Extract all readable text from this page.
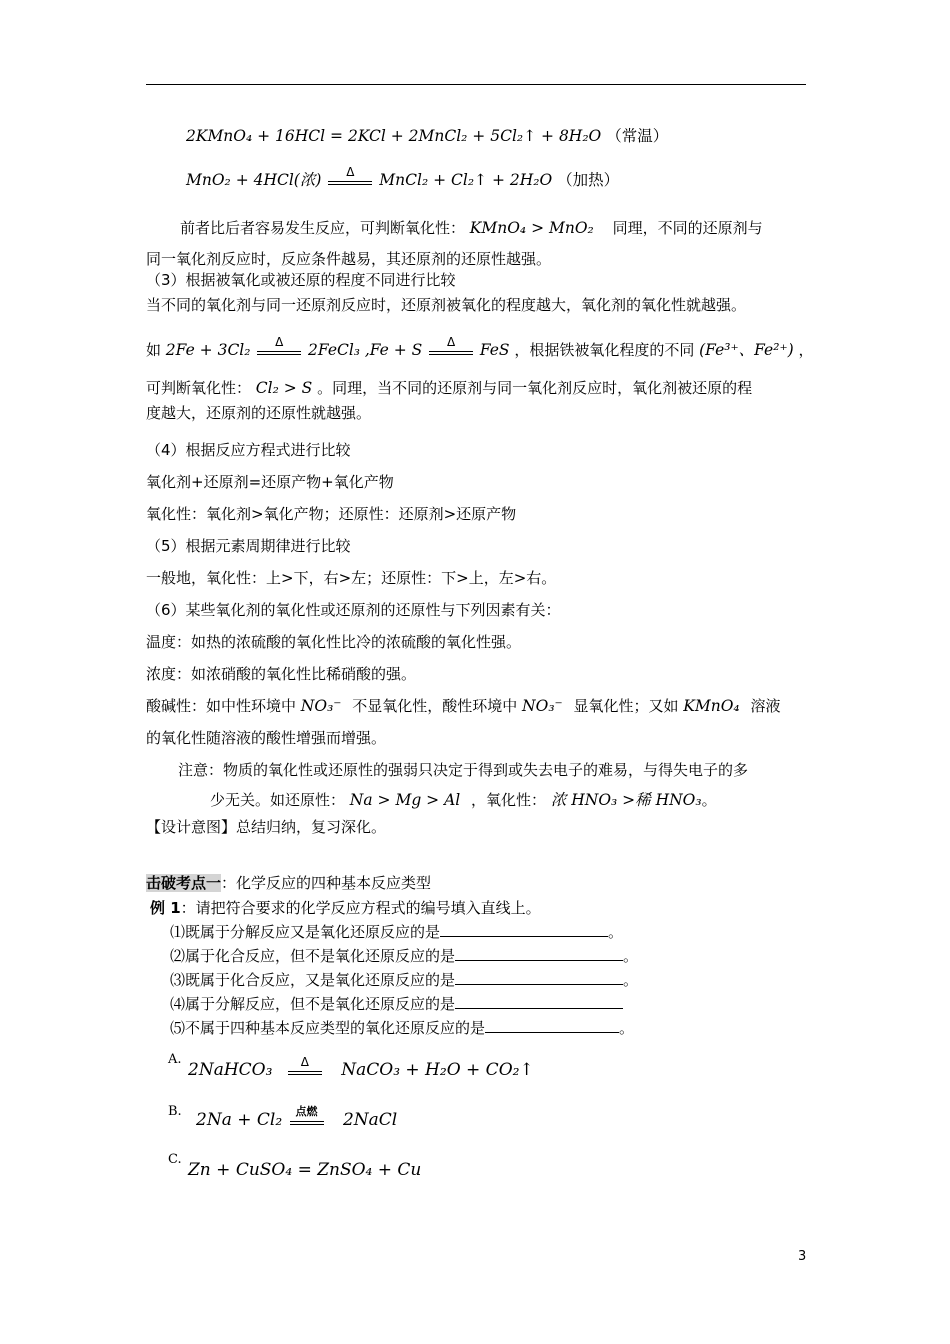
2KMnO₄ + 16HCl = 2KCl + 2MnCl₂ + 5Cl₂↑ + 8H₂O （常温）
MnO₂ + 4HCl(浓)	Δ	MnCl₂ + Cl₂↑ + 2H₂O （加热）
前者比后者容易发生反应，可判断氧化性： KMnO₄ > MnO₂ 同理，不同的还原剂与
同一氧化剂反应时，反应条件越易，其还原剂的还原性越强。
（3）根据被氧化或被还原的程度不同进行比较
当不同的氧化剂与同一还原剂反应时，还原剂被氧化的程度越大，氧化剂的氧化性就越强。
如 2Fe + 3Cl₂	Δ	2FeCl₃ ,Fe + S	Δ	FeS ，根据铁被氧化程度的不同 (Fe³⁺、Fe²⁺) ，
可判断氧化性： Cl₂ > S 。同理，当不同的还原剂与同一氧化剂反应时，氧化剂被还原的程
度越大，还原剂的还原性就越强。
（4）根据反应方程式进行比较
氧化剂+还原剂=还原产物+氧化产物
氧化性：氧化剂>氧化产物；还原性：还原剂>还原产物
（5）根据元素周期律进行比较
一般地，氧化性：上>下，右>左；还原性：下>上，左>右。
（6）某些氧化剂的氧化性或还原剂的还原性与下列因素有关：
温度：如热的浓硫酸的氧化性比冷的浓硫酸的氧化性强。
浓度：如浓硝酸的氧化性比稀硝酸的强。
酸碱性：如中性环境中 NO₃⁻ 不显氧化性，酸性环境中 NO₃⁻ 显氧化性；又如 KMnO₄ 溶液
的氧化性随溶液的酸性增强而增强。
注意：物质的氧化性或还原性的强弱只决定于得到或失去电子的难易，与得失电子的多
少无关。如还原性： Na > Mg > Al ，氧化性： 浓 HNO₃ >稀 HNO₃。
【设计意图】总结归纳，复习深化。
击破考点一：化学反应的四种基本反应类型
例 1：请把符合要求的化学反应方程式的编号填入直线上。
⑴既属于分解反应又是氧化还原反应的是	。
⑵属于化合反应，但不是氧化还原反应的是	。
⑶既属于化合反应，又是氧化还原反应的是	。
⑷属于分解反应，但不是氧化还原反应的是
⑸不属于四种基本反应类型的氧化还原反应的是	。
A.
2NaHCO₃	Δ	NaCO₃ + H₂O + CO₂↑
B. 2Na + Cl₂	点燃	2NaCl
C.
Zn + CuSO₄ = ZnSO₄ + Cu
3
